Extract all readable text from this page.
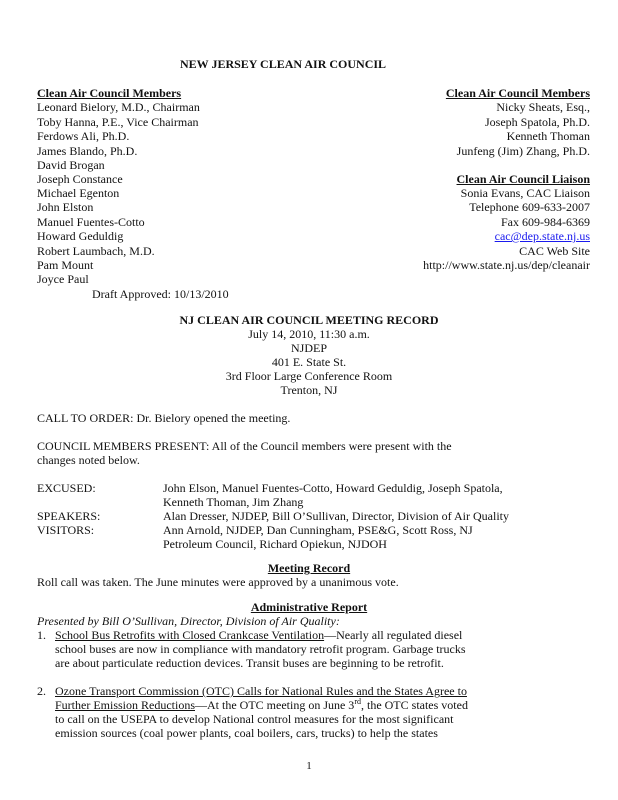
NEW JERSEY CLEAN AIR COUNCIL
Clean Air Council Members
Leonard Bielory, M.D., Chairman
Toby Hanna, P.E., Vice Chairman
Ferdows Ali, Ph.D.
James Blando, Ph.D.
David Brogan
Joseph Constance
Michael Egenton
John Elston
Manuel Fuentes-Cotto
Howard Geduldig
Robert Laumbach, M.D.
Pam Mount
Joyce Paul
Draft Approved: 10/13/2010
Clean Air Council Members
Nicky Sheats, Esq.,
Joseph Spatola, Ph.D.
Kenneth Thoman
Junfeng (Jim) Zhang, Ph.D.
Clean Air Council Liaison
Sonia Evans, CAC Liaison
Telephone 609-633-2007
Fax 609-984-6369
cac@dep.state.nj.us
CAC Web Site
http://www.state.nj.us/dep/cleanair
NJ CLEAN AIR COUNCIL MEETING RECORD
July 14, 2010, 11:30 a.m.
NJDEP
401 E. State St.
3rd Floor Large Conference Room
Trenton, NJ
CALL TO ORDER: Dr. Bielory opened the meeting.
COUNCIL MEMBERS PRESENT: All of the Council members were present with the
changes noted below.
EXCUSED:	John Elson, Manuel Fuentes-Cotto, Howard Geduldig, Joseph Spatola,
Kenneth Thoman, Jim Zhang
SPEAKERS:	Alan Dresser, NJDEP, Bill O’Sullivan, Director, Division of Air Quality
VISITORS:	Ann Arnold, NJDEP, Dan Cunningham, PSE&G, Scott Ross, NJ
Petroleum Council, Richard Opiekun, NJDOH
Meeting Record
Roll call was taken. The June minutes were approved by a unanimous vote.
Administrative Report
Presented by Bill O’Sullivan, Director, Division of Air Quality:
1. School Bus Retrofits with Closed Crankcase Ventilation—Nearly all regulated diesel
school buses are now in compliance with mandatory retrofit program. Garbage trucks
are about particulate reduction devices. Transit buses are beginning to be retrofit.
2. Ozone Transport Commission (OTC) Calls for National Rules and the States Agree to
Further Emission Reductions—At the OTC meeting on June 3rd, the OTC states voted
to call on the USEPA to develop National control measures for the most significant
emission sources (coal power plants, coal boilers, cars, trucks) to help the states
1
